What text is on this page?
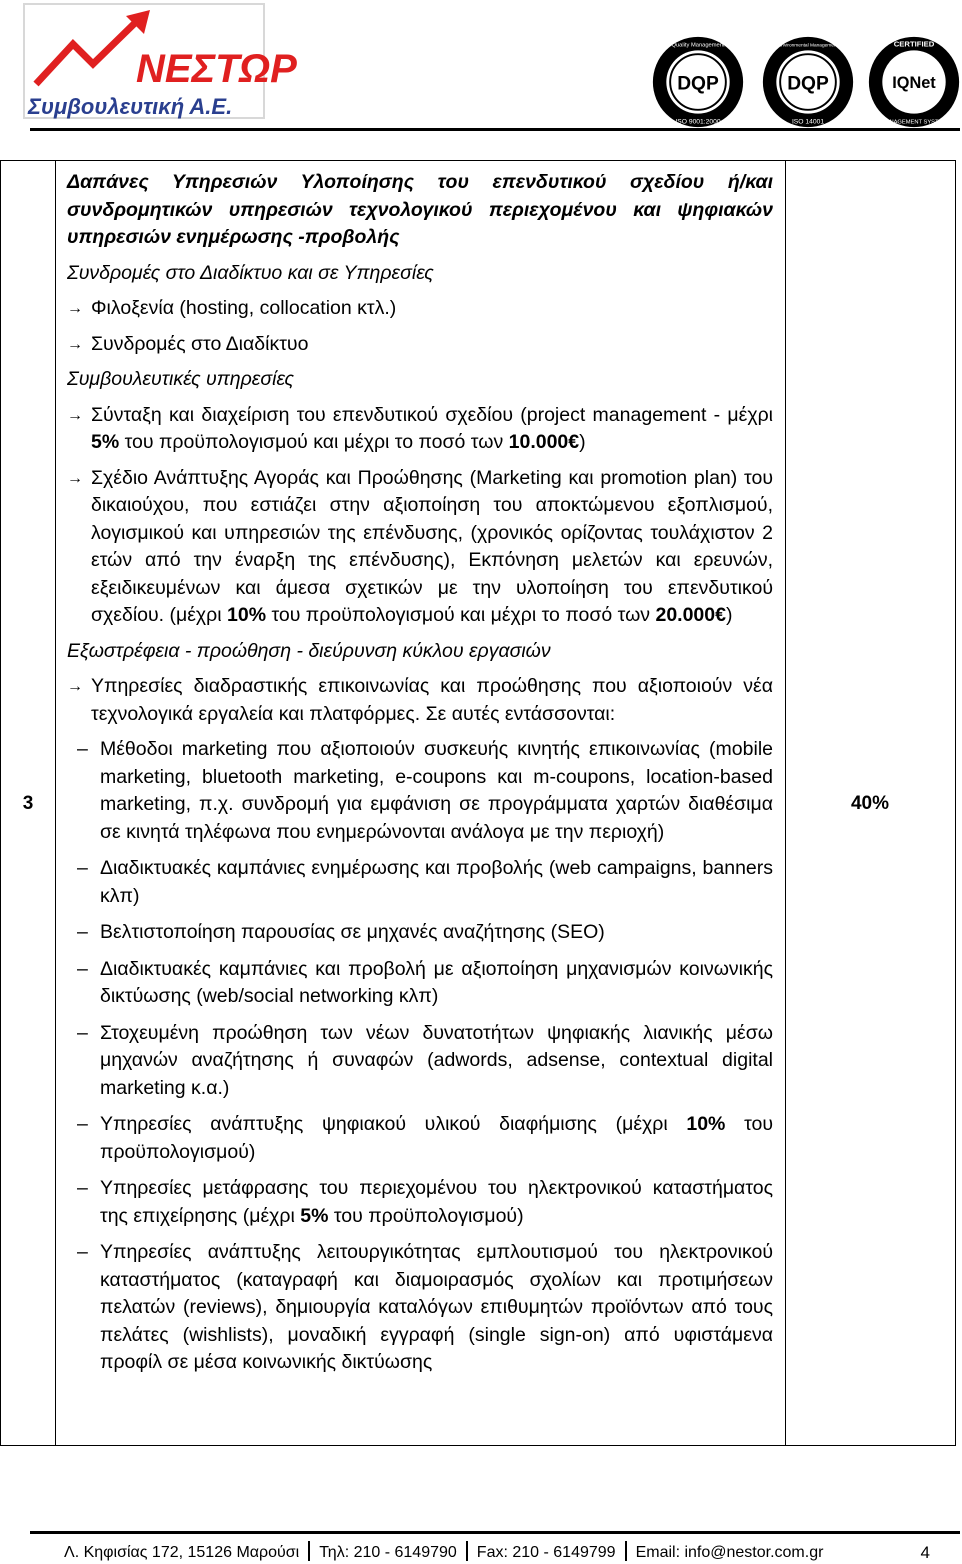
ΝΕΣΤΩΡ
Συμβουλευτική Α.Ε.
DQP
Quality Management
ISO 9001:2000
DQP
Environmental Management
ISO 14001
IQNet
CERTIFIED
MANAGEMENT SYSTEM
3	40%
Δαπάνες Υπηρεσιών Υλοποίησης του επενδυτικού σχεδίου ή/και συνδρομητικών υπηρεσιών τεχνολογικού περιεχομένου και ψηφιακών υπηρεσιών ενημέρωσης -προβολής
Συνδρομές στο Διαδίκτυο και σε Υπηρεσίες
→ Φιλοξενία (hosting, collocation κτλ.)
→ Συνδρομές στο Διαδίκτυο
Συμβουλευτικές υπηρεσίες
→ Σύνταξη και διαχείριση του επενδυτικού σχεδίου (project management - μέχρι 5% του προϋπολογισμού και μέχρι το ποσό των 10.000€)
→ Σχέδιο Ανάπτυξης Αγοράς και Προώθησης (Marketing και promotion plan) του δικαιούχου, που εστιάζει στην αξιοποίηση του αποκτώμενου εξοπλισμού, λογισμικού και υπηρεσιών της επένδυσης, (χρονικός ορίζοντας τουλάχιστον 2 ετών από την έναρξη της επένδυσης), Εκπόνηση μελετών και ερευνών, εξειδικευμένων και άμεσα σχετικών με την υλοποίηση του επενδυτικού σχεδίου. (μέχρι 10% του προϋπολογισμού και μέχρι το ποσό των 20.000€)
Εξωστρέφεια - προώθηση - διεύρυνση κύκλου εργασιών
→ Υπηρεσίες διαδραστικής επικοινωνίας και προώθησης που αξιοποιούν νέα τεχνολογικά εργαλεία και πλατφόρμες. Σε αυτές εντάσσονται:
– Μέθοδοι marketing που αξιοποιούν συσκευής κινητής επικοινωνίας (mobile marketing, bluetooth marketing, e-coupons και m-coupons, location-based marketing, π.χ. συνδρομή για εμφάνιση σε προγράμματα χαρτών διαθέσιμα σε κινητά τηλέφωνα που ενημερώνονται ανάλογα με την περιοχή)
– Διαδικτυακές καμπάνιες ενημέρωσης και προβολής (web campaigns, banners κλπ)
– Βελτιστοποίηση παρουσίας σε μηχανές αναζήτησης (SEO)
– Διαδικτυακές καμπάνιες και προβολή με αξιοποίηση μηχανισμών κοινωνικής δικτύωσης (web/social networking κλπ)
– Στοχευμένη προώθηση των νέων δυνατοτήτων ψηφιακής λιανικής μέσω μηχανών αναζήτησης ή συναφών (adwords, adsense, contextual digital marketing κ.α.)
– Υπηρεσίες ανάπτυξης ψηφιακού υλικού διαφήμισης (μέχρι 10% του προϋπολογισμού)
– Υπηρεσίες μετάφρασης του περιεχομένου του ηλεκτρονικού καταστήματος της επιχείρησης (μέχρι 5% του προϋπολογισμού)
– Υπηρεσίες ανάπτυξης λειτουργικότητας εμπλουτισμού του ηλεκτρονικού καταστήματος (καταγραφή και διαμοιρασμός σχολίων και προτιμήσεων πελατών (reviews), δημιουργία καταλόγων επιθυμητών προϊόντων από τους πελάτες (wishlists), μοναδική εγγραφή (single sign-on) από υφιστάμενα προφίλ σε μέσα κοινωνικής δικτύωσης
Λ. Κηφισίας 172, 15126 Μαρούσι Τηλ: 210 - 6149790 Fax: 210 - 6149799 Email: info@nestor.com.gr	4
